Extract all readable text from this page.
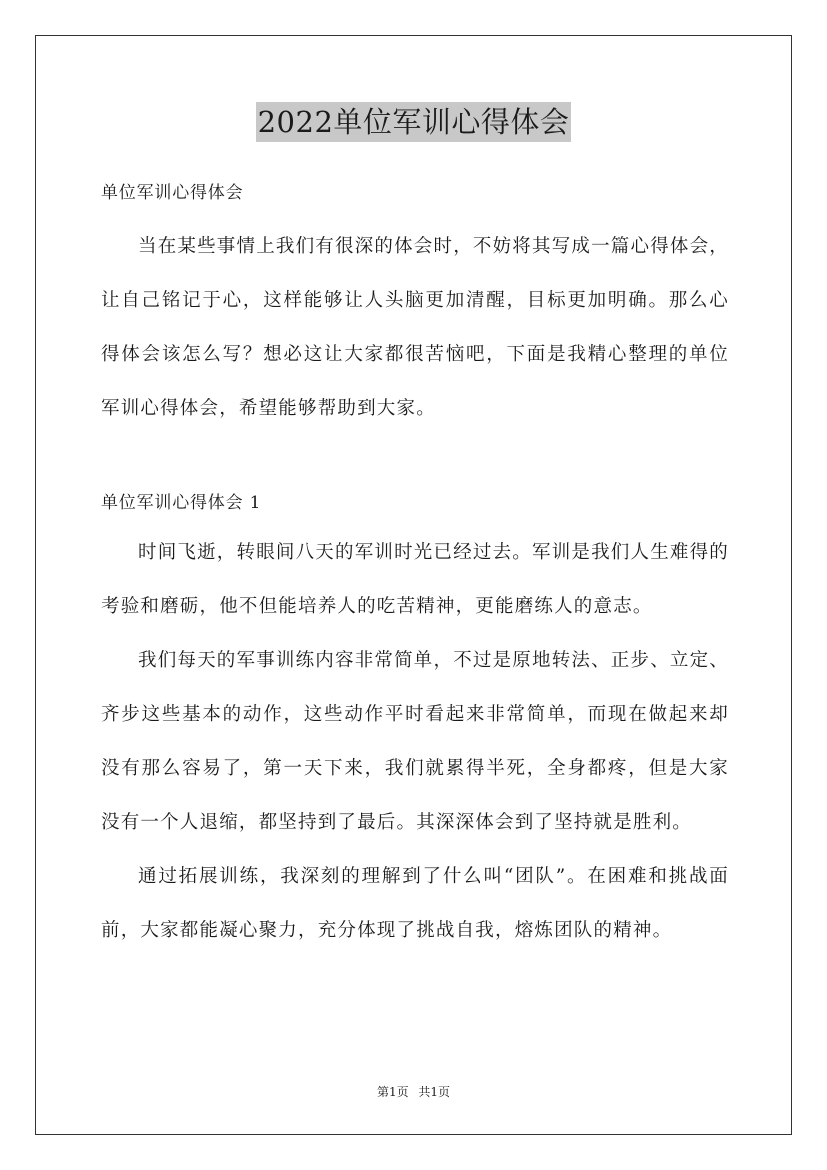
2022单位军训心得体会
单位军训心得体会

当在某些事情上我们有很深的体会时，不妨将其写成一篇心得体会，让自己铭记于心，这样能够让人头脑更加清醒，目标更加明确。那么心得体会该怎么写？想必这让大家都很苦恼吧，下面是我精心整理的单位军训心得体会，希望能够帮助到大家。

单位军训心得体会 1

时间飞逝，转眼间八天的军训时光已经过去。军训是我们人生难得的考验和磨砺，他不但能培养人的吃苦精神，更能磨练人的意志。

我们每天的军事训练内容非常简单，不过是原地转法、正步、立定、齐步这些基本的动作，这些动作平时看起来非常简单，而现在做起来却没有那么容易了，第一天下来，我们就累得半死，全身都疼，但是大家没有一个人退缩，都坚持到了最后。其深深体会到了坚持就是胜利。

通过拓展训练，我深刻的理解到了什么叫“团队”。在困难和挑战面前，大家都能凝心聚力，充分体现了挑战自我，熔炼团队的精神。

第1页 共1页
